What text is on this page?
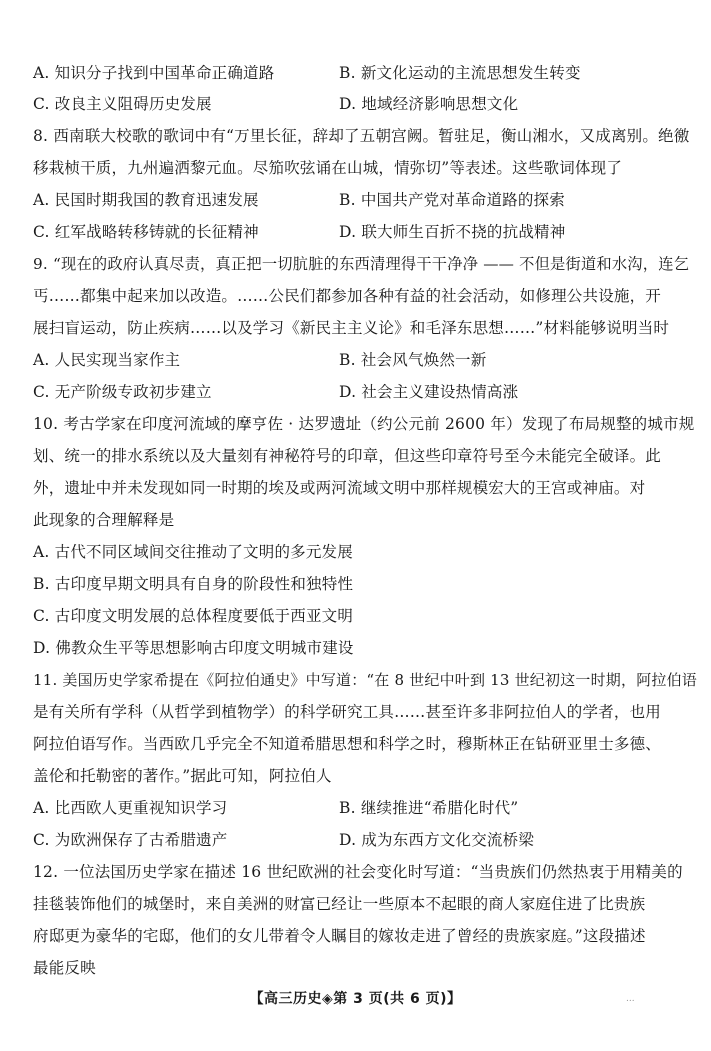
A. 知识分子找到中国革命正确道路	B. 新文化运动的主流思想发生转变
C. 改良主义阻碍历史发展	D. 地域经济影响思想文化
8. 西南联大校歌的歌词中有“万里长征，辞却了五朝宫阙。暂驻足，衡山湘水，又成离别。绝徼
移栽桢干质，九州遍洒黎元血。尽笳吹弦诵在山城，情弥切”等表述。这些歌词体现了
A. 民国时期我国的教育迅速发展	B. 中国共产党对革命道路的探索
C. 红军战略转移铸就的长征精神	D. 联大师生百折不挠的抗战精神
9. “现在的政府认真尽责，真正把一切肮脏的东西清理得干干净净 —— 不但是街道和水沟，连乞
丐……都集中起来加以改造。……公民们都参加各种有益的社会活动，如修理公共设施，开
展扫盲运动，防止疾病……以及学习《新民主主义论》和毛泽东思想……”材料能够说明当时
A. 人民实现当家作主	B. 社会风气焕然一新
C. 无产阶级专政初步建立	D. 社会主义建设热情高涨
10. 考古学家在印度河流域的摩亨佐 · 达罗遗址（约公元前 2600 年）发现了布局规整的城市规
划、统一的排水系统以及大量刻有神秘符号的印章，但这些印章符号至今未能完全破译。此
外，遗址中并未发现如同一时期的埃及或两河流域文明中那样规模宏大的王宫或神庙。对
此现象的合理解释是
A. 古代不同区域间交往推动了文明的多元发展
B. 古印度早期文明具有自身的阶段性和独特性
C. 古印度文明发展的总体程度要低于西亚文明
D. 佛教众生平等思想影响古印度文明城市建设
11. 美国历史学家希提在《阿拉伯通史》中写道：“在 8 世纪中叶到 13 世纪初这一时期，阿拉伯语
是有关所有学科（从哲学到植物学）的科学研究工具……甚至许多非阿拉伯人的学者，也用
阿拉伯语写作。当西欧几乎完全不知道希腊思想和科学之时，穆斯林正在钻研亚里士多德、
盖伦和托勒密的著作。”据此可知，阿拉伯人
A. 比西欧人更重视知识学习	B. 继续推进“希腊化时代”
C. 为欧洲保存了古希腊遗产	D. 成为东西方文化交流桥梁
12. 一位法国历史学家在描述 16 世纪欧洲的社会变化时写道：“当贵族们仍然热衷于用精美的
挂毯装饰他们的城堡时，来自美洲的财富已经让一些原本不起眼的商人家庭住进了比贵族
府邸更为豪华的宅邸，他们的女儿带着令人瞩目的嫁妆走进了曾经的贵族家庭。”这段描述
最能反映
【高三历史◈第 3 页(共 6 页)】	...
